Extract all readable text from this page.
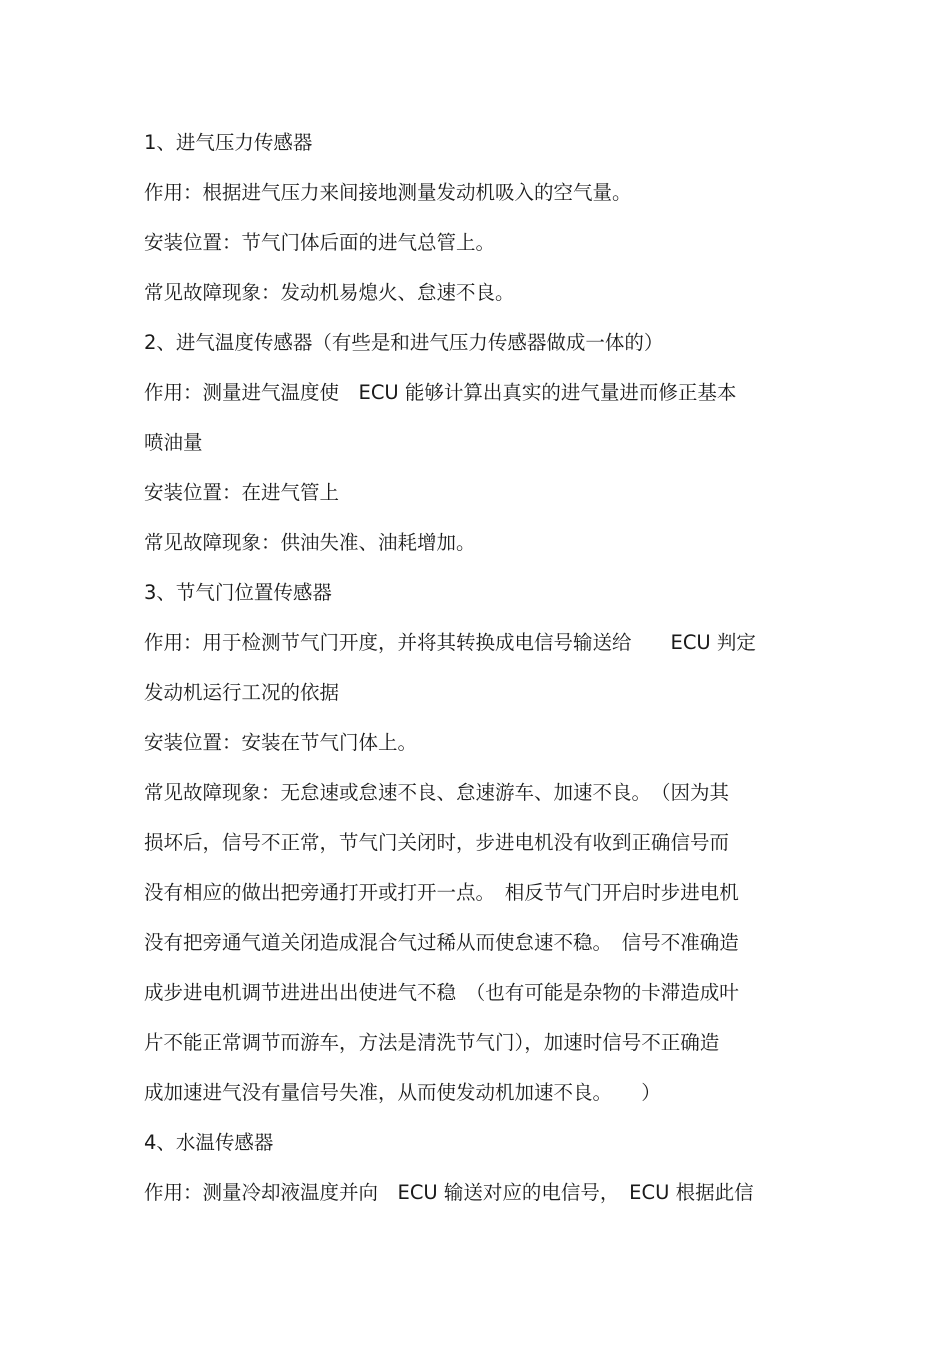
1、进气压力传感器
作用：根据进气压力来间接地测量发动机吸入的空气量。
安装位置：节气门体后面的进气总管上。
常见故障现象：发动机易熄火、怠速不良。
2、进气温度传感器（有些是和进气压力传感器做成一体的）
作用：测量进气温度使　ECU 能够计算出真实的进气量进而修正基本
喷油量
安装位置：在进气管上
常见故障现象：供油失准、油耗增加。
3、节气门位置传感器
作用：用于检测节气门开度，并将其转换成电信号输送给　　ECU 判定
发动机运行工况的依据
安装位置：安装在节气门体上。
常见故障现象：无怠速或怠速不良、怠速游车、加速不良。　（因为其
损坏后，信号不正常，节气门关闭时，步进电机没有收到正确信号而
没有相应的做出把旁通打开或打开一点。　相反节气门开启时步进电机
没有把旁通气道关闭造成混合气过稀从而使怠速不稳。　信号不准确造
成步进电机调节进进出出使进气不稳　（也有可能是杂物的卡滞造成叶
片不能正常调节而游车，方法是清洗节气门），加速时信号不正确造
成加速进气没有量信号失准，从而使发动机加速不良。　　）
4、水温传感器
作用：测量冷却液温度并向　ECU 输送对应的电信号，　ECU 根据此信
